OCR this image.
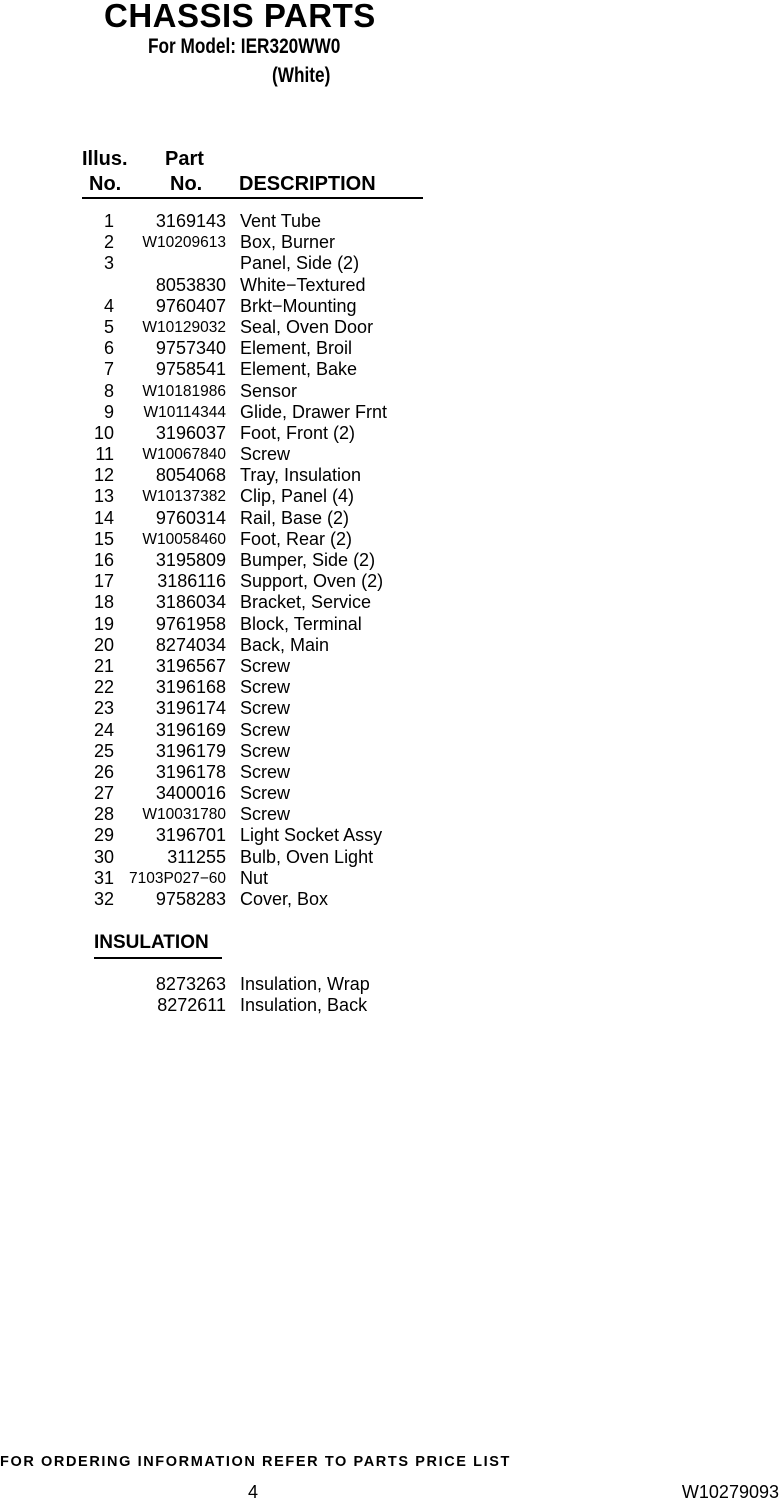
CHASSIS PARTS
For Model: IER320WW0
(White)
Illus.
No.
Part
No. DESCRIPTION
1	3169143 Vent Tube
2	W10209613 Box, Burner
3	Panel, Side (2)
8053830 White−Textured
4	9760407 Brkt−Mounting
5	W10129032 Seal, Oven Door
6	9757340 Element, Broil
7	9758541 Element, Bake
8	W10181986 Sensor
9	W10114344 Glide, Drawer Frnt
10	3196037 Foot, Front (2)
11	W10067840 Screw
12	8054068 Tray, Insulation
13	W10137382 Clip, Panel (4)
14	9760314 Rail, Base (2)
15	W10058460 Foot, Rear (2)
16	3195809 Bumper, Side (2)
17	3186116 Support, Oven (2)
18	3186034 Bracket, Service
19	9761958 Block, Terminal
20	8274034 Back, Main
21	3196567 Screw
22	3196168 Screw
23	3196174 Screw
24	3196169 Screw
25	3196179 Screw
26	3196178 Screw
27	3400016 Screw
28	W10031780 Screw
29	3196701 Light Socket Assy
30	311255 Bulb, Oven Light
31 7103P027−60 Nut
32	9758283 Cover, Box
INSULATION
8273263 Insulation, Wrap
8272611 Insulation, Back
FOR ORDERING INFORMATION REFER TO PARTS PRICE LIST
4	W10279093
